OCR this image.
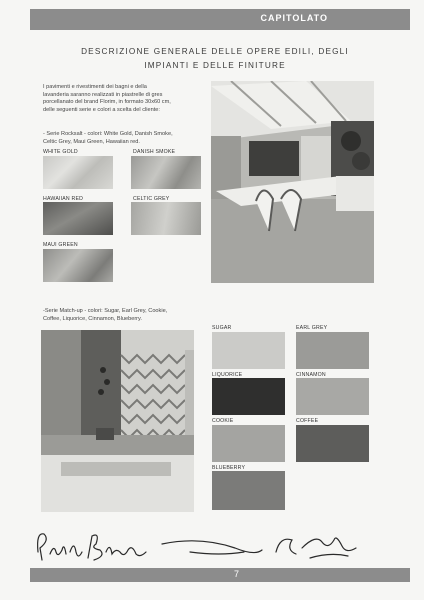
CAPITOLATO
DESCRIZIONE GENERALE DELLE OPERE EDILI, DEGLI
IMPIANTI E DELLE FINITURE
I pavimenti e rivestimenti dei bagni e della
lavanderia saranno realizzati in piastrelle di gres
porcellanato del brand Florim, in formato 30x60 cm,
delle seguenti serie e colori a scelta del cliente:
- Serie Rocksalt - colori: White Gold, Danish Smoke,
Celtic Grey, Maui Green, Hawaiian red.
WHITE GOLD	DANISH SMOKE
HAWAIIAN RED	CELTIC GREY
MAUI GREEN
-Serie Match-up - colori: Sugar, Earl Grey, Cookie,
Coffee, Liquorice, Cinnamon, Blueberry.
SUGAR	EARL GREY
LIQUORICE	CINNAMON
COOKIE	COFFEE
BLUEBERRY
7
